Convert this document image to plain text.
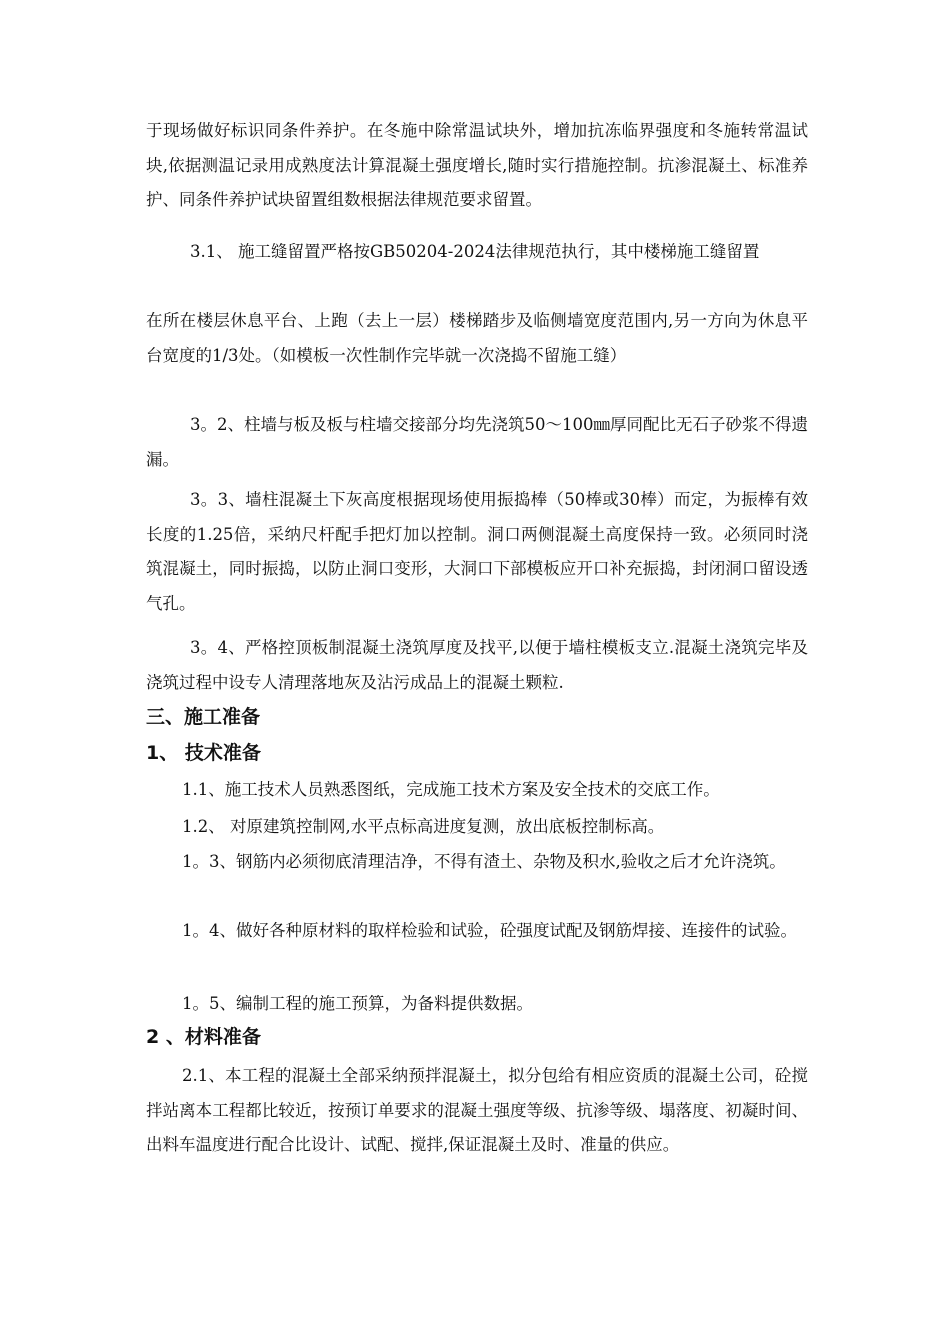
于现场做好标识同条件养护。在冬施中除常温试块外，增加抗冻临界强度和冬施转常温试块,依据测温记录用成熟度法计算混凝土强度增长,随时实行措施控制。抗渗混凝土、标准养护、同条件养护试块留置组数根据法律规范要求留置。

3.1、 施工缝留置严格按GB50204-2024法律规范执行，其中楼梯施工缝留置

在所在楼层休息平台、上跑（去上一层）楼梯踏步及临侧墙宽度范围内,另一方向为休息平台宽度的1/3处。（如模板一次性制作完毕就一次浇捣不留施工缝）

3。2、柱墙与板及板与柱墙交接部分均先浇筑50～100㎜厚同配比无石子砂浆不得遗漏。

3。3、墙柱混凝土下灰高度根据现场使用振捣棒（50棒或30棒）而定，为振棒有效长度的1.25倍，采纳尺杆配手把灯加以控制。洞口两侧混凝土高度保持一致。必须同时浇筑混凝土，同时振捣，以防止洞口变形，大洞口下部模板应开口补充振捣，封闭洞口留设透气孔。

3。4、严格控顶板制混凝土浇筑厚度及找平,以便于墙柱模板支立.混凝土浇筑完毕及浇筑过程中设专人清理落地灰及沾污成品上的混凝土颗粒.

三、施工准备
1、 技术准备

1.1、施工技术人员熟悉图纸，完成施工技术方案及安全技术的交底工作。

1.2、 对原建筑控制网,水平点标高进度复测，放出底板控制标高。

1。3、钢筋内必须彻底清理洁净，不得有渣土、杂物及积水,验收之后才允许浇筑。

1。4、做好各种原材料的取样检验和试验，砼强度试配及钢筋焊接、连接件的试验。

1。5、编制工程的施工预算，为备料提供数据。

2 、材料准备

2.1、本工程的混凝土全部采纳预拌混凝土，拟分包给有相应资质的混凝土公司，砼搅拌站离本工程都比较近，按预订单要求的混凝土强度等级、抗渗等级、塌落度、初凝时间、出料车温度进行配合比设计、试配、搅拌,保证混凝土及时、准量的供应。
